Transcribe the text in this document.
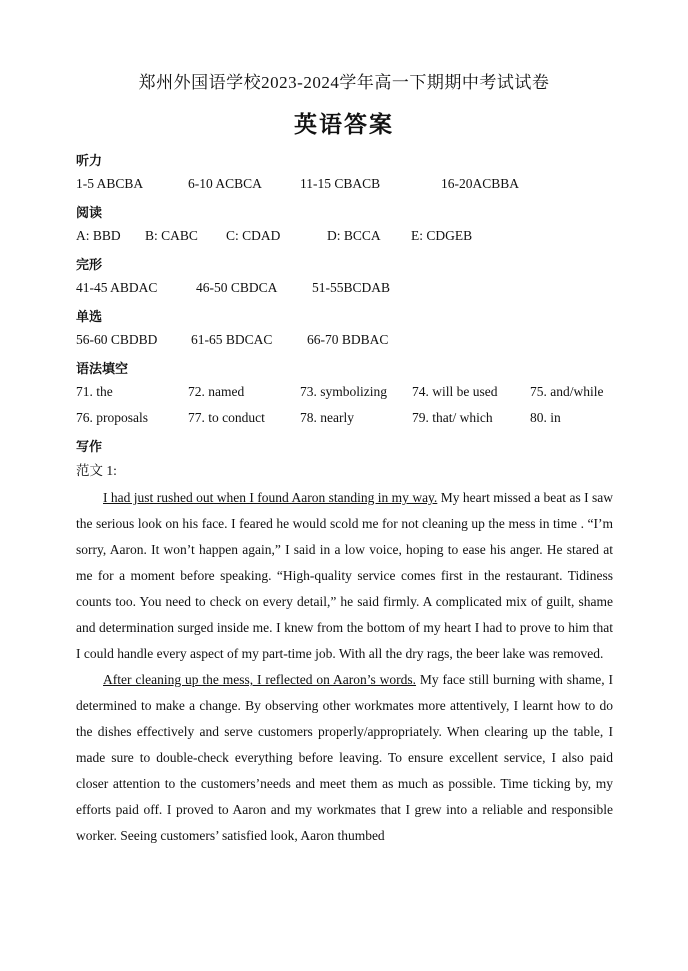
郑州外国语学校2023-2024学年高一下期期中考试试卷
英语答案
听力
1-5 ABCBA	6-10 ACBCA	11-15 CBACB	16-20ACBBA
阅读
A: BBD B: CABC C: CDAD	D: BCCA E: CDGEB
完形
41-45 ABDAC	46-50 CBDCA	51-55BCDAB
单选
56-60 CBDBD 61-65 BDCAC	66-70 BDBAC
语法填空
71. the	72. named	73. symbolizing 74. will be used 75. and/while
76. proposals	77. to conduct	78. nearly	79. that/ which	80. in
写作
范文 1:

I had just rushed out when I found Aaron standing in my way. My heart missed a beat as I saw the serious look on his face. I feared he would scold me for not cleaning up the mess in time . “I’m sorry, Aaron. It won’t happen again,” I said in a low voice, hoping to ease his anger. He stared at me for a moment before speaking. “High-quality service comes first in the restaurant. Tidiness counts too. You need to check on every detail,” he said firmly. A complicated mix of guilt, shame and determination surged inside me. I knew from the bottom of my heart I had to prove to him that I could handle every aspect of my part-time job. With all the dry rags, the beer lake was removed.

After cleaning up the mess, I reflected on Aaron’s words. My face still burning with shame, I determined to make a change. By observing other workmates more attentively, I learnt how to do the dishes effectively and serve customers properly/appropriately. When clearing up the table, I made sure to double-check everything before leaving. To ensure excellent service, I also paid closer attention to the customers’needs and meet them as much as possible. Time ticking by, my efforts paid off. I proved to Aaron and my workmates that I grew into a reliable and responsible worker. Seeing customers’ satisfied look, Aaron thumbed
